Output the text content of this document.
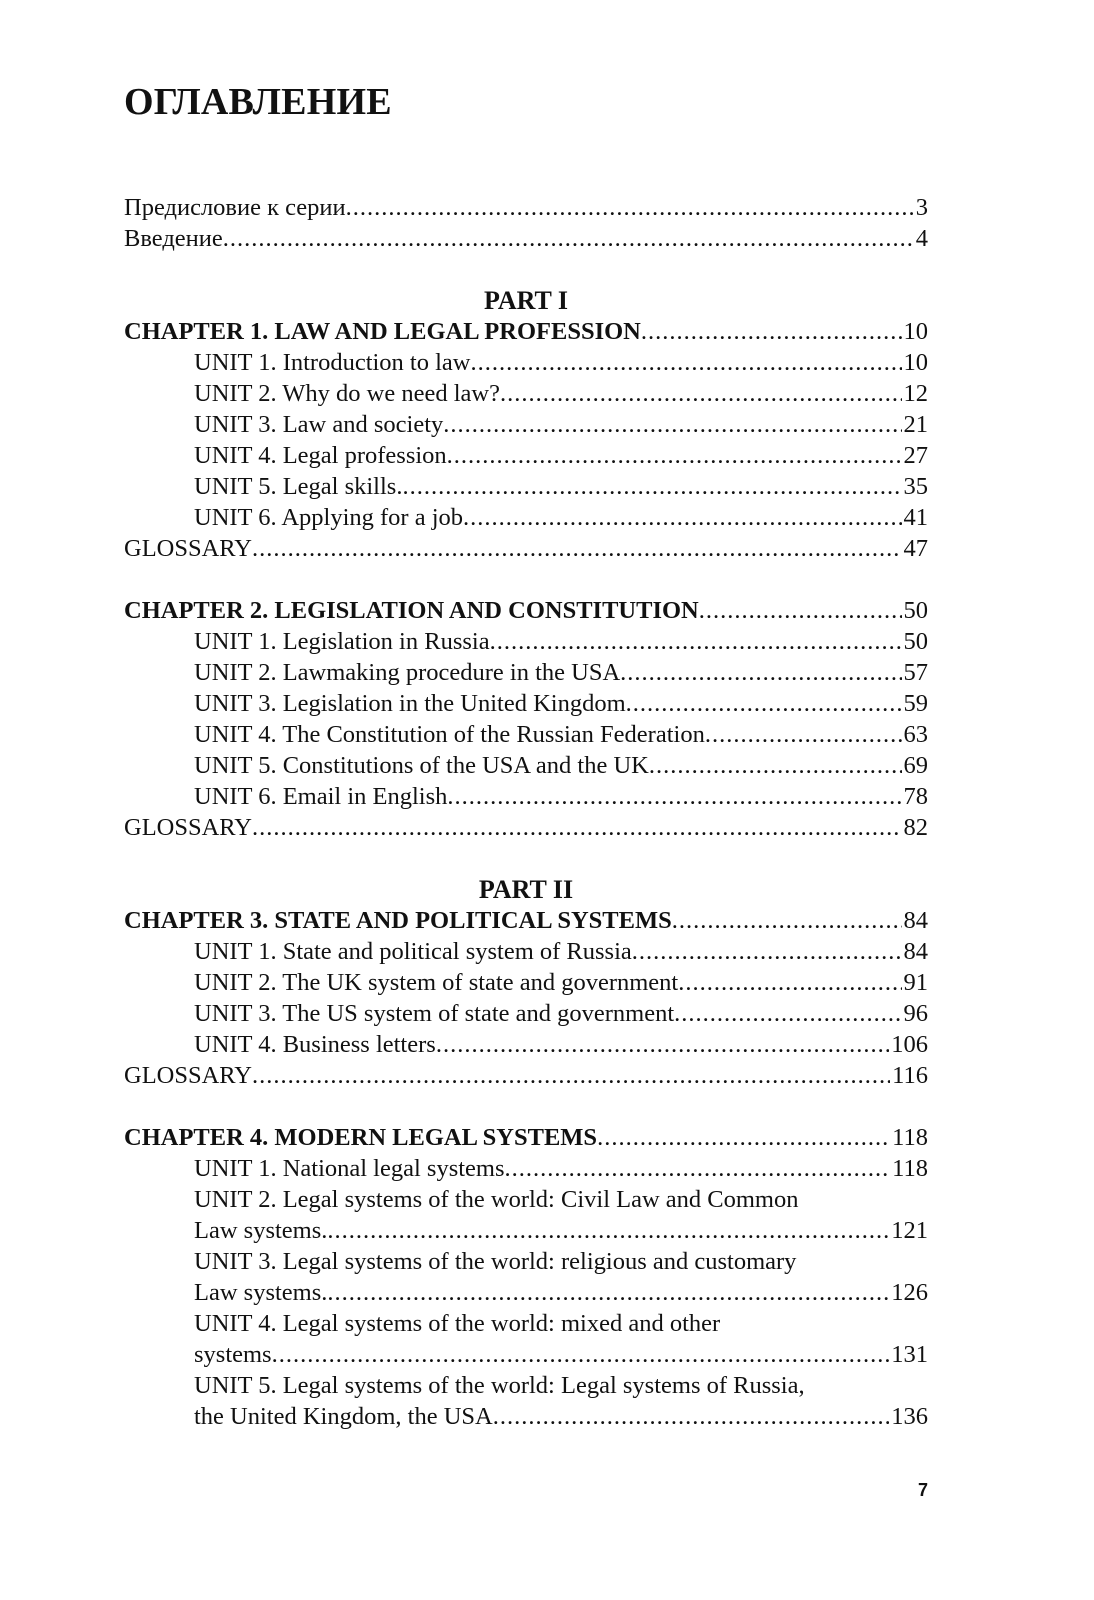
ОГЛАВЛЕНИЕ
Предисловие к серии .....	3
Введение .....	4
PART I
CHAPTER 1. LAW AND LEGAL PROFESSION .....	10
UNIT 1. Introduction to law .....	10
UNIT 2. Why do we need law? .....	12
UNIT 3. Law and society .....	21
UNIT 4. Legal profession .....	27
UNIT 5. Legal skills. .....	35
UNIT 6. Applying for a job .....	41
GLOSSARY .....	47
CHAPTER 2. LEGISLATION AND CONSTITUTION .....	50
UNIT 1. Legislation in Russia .....	50
UNIT 2. Lawmaking procedure in the USA .....	57
UNIT 3. Legislation in the United Kingdom .....	59
UNIT 4. The Constitution of the Russian Federation .....	63
UNIT 5. Constitutions of the USA and the UK .....	69
UNIT 6. Email in English .....	78
GLOSSARY .....	82
PART II
CHAPTER 3. STATE AND POLITICAL SYSTEMS .....	84
UNIT 1. State and political system of Russia .....	84
UNIT 2. The UK system of state and government .....	91
UNIT 3. The US system of state and government .....	96
UNIT 4. Business letters .....	106
GLOSSARY .....	116
CHAPTER 4. MODERN LEGAL SYSTEMS .....	118
UNIT 1. National legal systems .....	118
UNIT 2. Legal systems of the world: Civil Law and Common
Law systems. .....	121
UNIT 3. Legal systems of the world: religious and customary
Law systems. .....	126
UNIT 4. Legal systems of the world: mixed and other
systems .....	131
UNIT 5. Legal systems of the world: Legal systems of Russia,
the United Kingdom, the USA .....	136
7
